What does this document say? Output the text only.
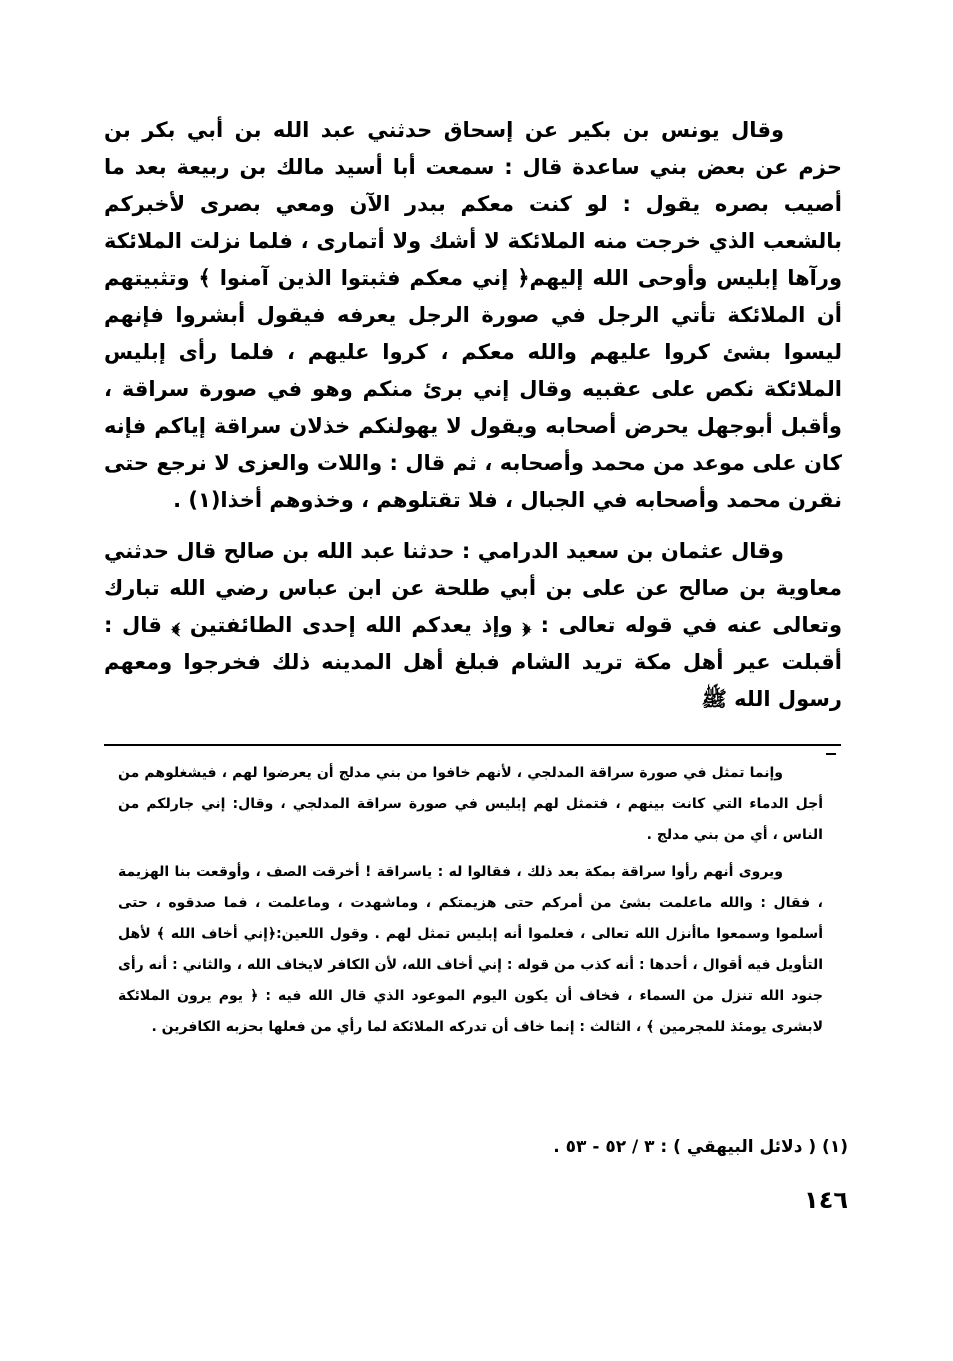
وقال يونس بن بكير عن إسحاق حدثني عبد الله بن أبي بكر بن حزم عن بعض بني ساعدة قال : سمعت أبا أسيد مالك بن ربيعة بعد ما أصيب بصره يقول : لو كنت معكم ببدر الآن ومعي بصرى لأخبركم بالشعب الذي خرجت منه الملائكة لا أشك ولا أتمارى ، فلما نزلت الملائكة ورآها إبليس وأوحى الله إليهم﴿ إني معكم فثبتوا الذين آمنوا ﴾ وتثبيتهم أن الملائكة تأتي الرجل في صورة الرجل يعرفه فيقول أبشروا فإنهم ليسوا بشئ كروا عليهم والله معكم ، كروا عليهم ، فلما رأى إبليس الملائكة نكص على عقبيه وقال إني برئ منكم وهو في صورة سراقة ، وأقبل أبوجهل يحرض أصحابه ويقول لا يهولنكم خذلان سراقة إياكم فإنه كان على موعد من محمد وأصحابه ، ثم قال : واللات والعزى لا نرجع حتى نقرن محمد وأصحابه في الجبال ، فلا تقتلوهم ، وخذوهم أخذا(١) .

وقال عثمان بن سعيد الدرامي : حدثنا عبد الله بن صالح قال حدثني معاوية بن صالح عن على بن أبي طلحة عن ابن عباس رضي الله تبارك وتعالى عنه في قوله تعالى : ﴿ وإذ يعدكم الله إحدى الطائفتين ﴾ قال : أقبلت عير أهل مكة تريد الشام فبلغ أهل المدينه ذلك فخرجوا ومعهم رسول الله ﷺ

وإنما تمثل في صورة سراقة المدلجي ، لأنهم خافوا من بني مدلج أن يعرضوا لهم ، فيشغلوهم من أجل الدماء التي كانت بينهم ، فتمثل لهم إبليس في صورة سراقة المدلجي ، وقال: إني جارلكم من الناس ، أي من بني مدلج .

ويروى أنهم رأوا سراقة بمكة بعد ذلك ، فقالوا له : ياسراقة ! أخرقت الصف ، وأوقعت بنا الهزيمة ، فقال : والله ماعلمت بشئ من أمركم حتى هزيمتكم ، وماشهدت ، وماعلمت ، فما صدقوه ، حتى أسلموا وسمعوا ماأنزل الله تعالى ، فعلموا أنه إبليس تمثل لهم . وقول اللعين:﴿إني أخاف الله ﴾ لأهل التأويل فيه أقوال ، أحدها : أنه كذب من قوله : إني أخاف الله، لأن الكافر لايخاف الله ، والثاني : أنه رأى جنود الله تنزل من السماء ، فخاف أن يكون اليوم الموعود الذي قال الله فيه : ﴿ يوم يرون الملائكة لابشرى يومئذ للمجرمين ﴾ ، الثالث : إنما خاف أن تدركه الملائكة لما رأي من فعلها بحزبه الكافرين .

(١) ( دلائل البيهقي ) : ٣ / ٥٢ - ٥٣ .
١٤٦
